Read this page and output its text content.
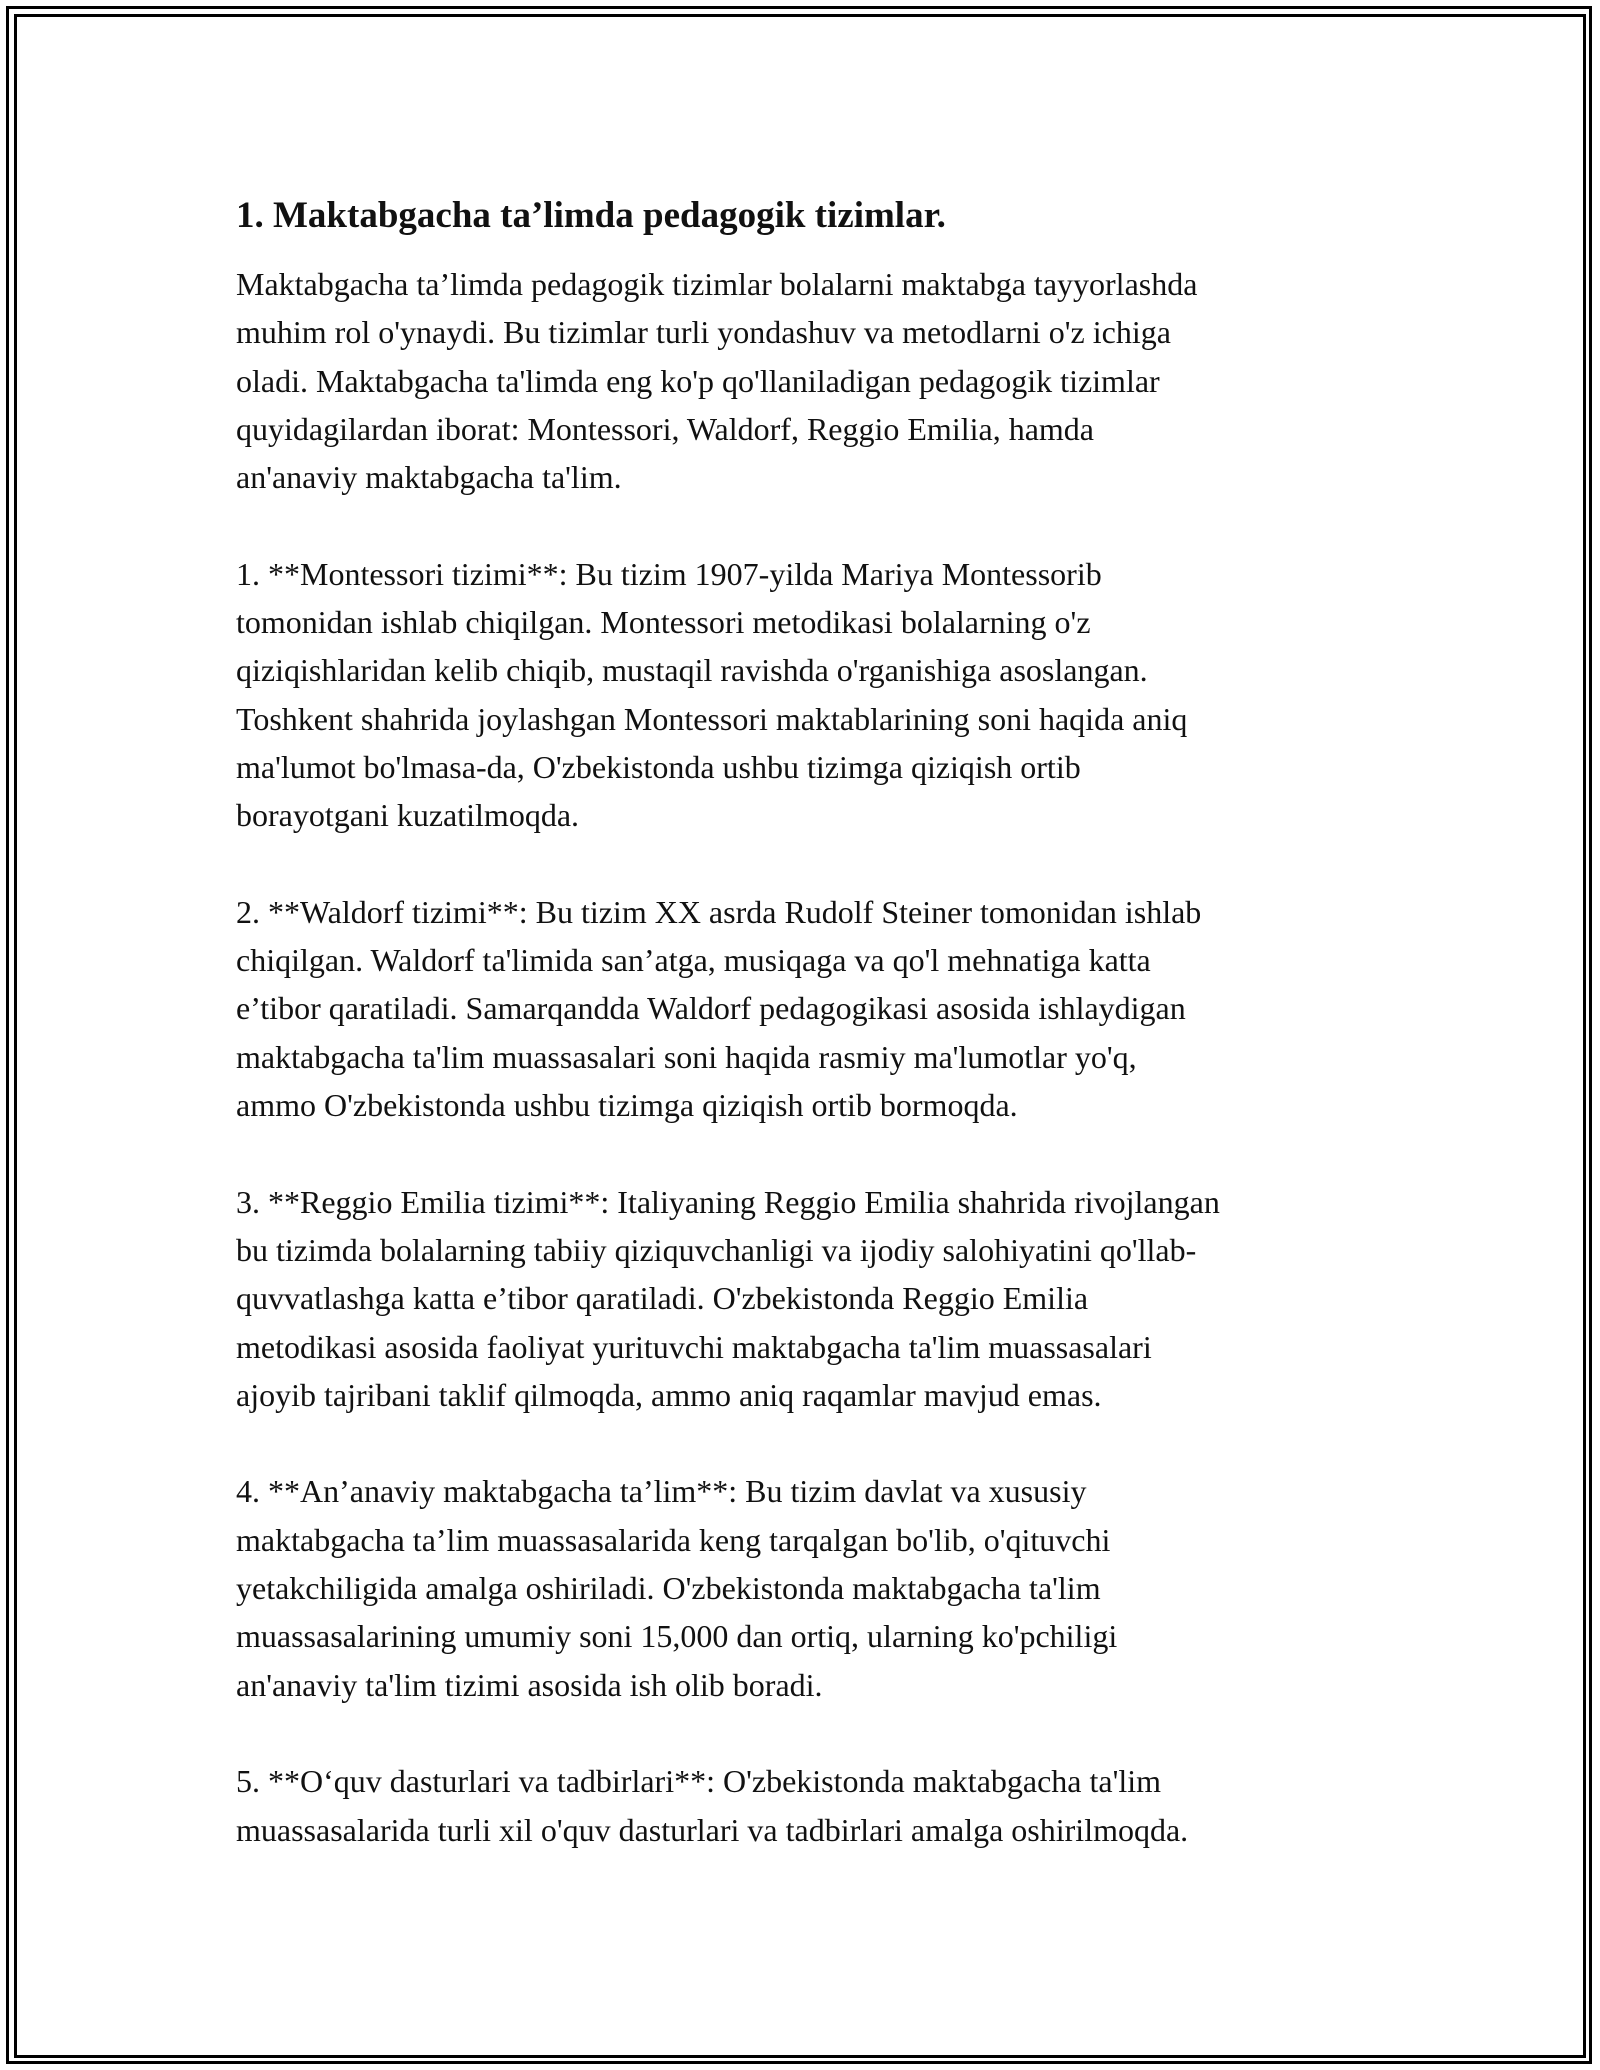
1. Maktabgacha ta’limda pedagogik tizimlar.

Maktabgacha ta’limda pedagogik tizimlar bolalarni maktabga tayyorlashda
muhim rol o'ynaydi. Bu tizimlar turli yondashuv va metodlarni o'z ichiga
oladi. Maktabgacha ta'limda eng ko'p qo'llaniladigan pedagogik tizimlar
quyidagilardan iborat: Montessori, Waldorf, Reggio Emilia, hamda
an'anaviy maktabgacha ta'lim.

1. **Montessori tizimi**: Bu tizim 1907-yilda Mariya Montessorib
tomonidan ishlab chiqilgan. Montessori metodikasi bolalarning o'z
qiziqishlaridan kelib chiqib, mustaqil ravishda o'rganishiga asoslangan.
Toshkent shahrida joylashgan Montessori maktablarining soni haqida aniq
ma'lumot bo'lmasa-da, O'zbekistonda ushbu tizimga qiziqish ortib
borayotgani kuzatilmoqda.

2. **Waldorf tizimi**: Bu tizim XX asrda Rudolf Steiner tomonidan ishlab
chiqilgan. Waldorf ta'limida san’atga, musiqaga va qo'l mehnatiga katta
e’tibor qaratiladi. Samarqandda Waldorf pedagogikasi asosida ishlaydigan
maktabgacha ta'lim muassasalari soni haqida rasmiy ma'lumotlar yo'q,
ammo O'zbekistonda ushbu tizimga qiziqish ortib bormoqda.

3. **Reggio Emilia tizimi**: Italiyaning Reggio Emilia shahrida rivojlangan
bu tizimda bolalarning tabiiy qiziquvchanligi va ijodiy salohiyatini qo'llab-
quvvatlashga katta e’tibor qaratiladi. O'zbekistonda Reggio Emilia
metodikasi asosida faoliyat yurituvchi maktabgacha ta'lim muassasalari
ajoyib tajribani taklif qilmoqda, ammo aniq raqamlar mavjud emas.

4. **An’anaviy maktabgacha ta’lim**: Bu tizim davlat va xususiy
maktabgacha ta’lim muassasalarida keng tarqalgan bo'lib, o'qituvchi
yetakchiligida amalga oshiriladi. O'zbekistonda maktabgacha ta'lim
muassasalarining umumiy soni 15,000 dan ortiq, ularning ko'pchiligi
an'anaviy ta'lim tizimi asosida ish olib boradi.

5. **O‘quv dasturlari va tadbirlari**: O'zbekistonda maktabgacha ta'lim
muassasalarida turli xil o'quv dasturlari va tadbirlari amalga oshirilmoqda.
